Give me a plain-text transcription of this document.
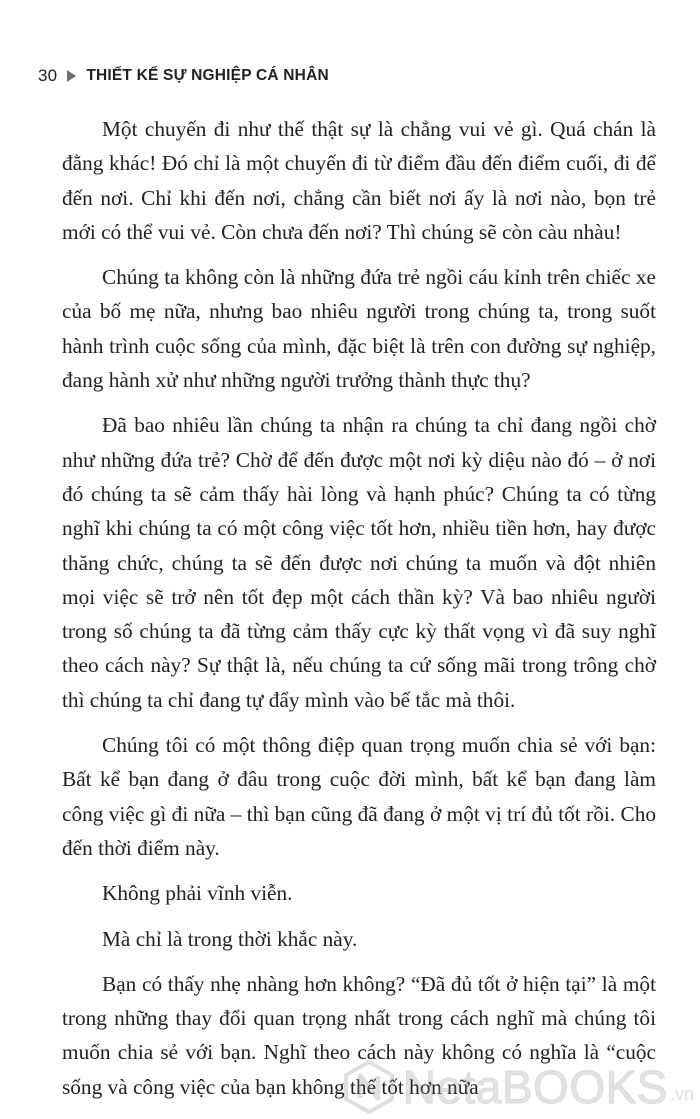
30 THIẾT KẾ SỰ NGHIỆP CÁ NHÂN

Một chuyến đi như thế thật sự là chẳng vui vẻ gì. Quá chán là đằng khác! Đó chỉ là một chuyến đi từ điểm đầu đến điểm cuối, đi để đến nơi. Chỉ khi đến nơi, chẳng cần biết nơi ấy là nơi nào, bọn trẻ mới có thể vui vẻ. Còn chưa đến nơi? Thì chúng sẽ còn càu nhàu!

Chúng ta không còn là những đứa trẻ ngồi cáu kỉnh trên chiếc xe của bố mẹ nữa, nhưng bao nhiêu người trong chúng ta, trong suốt hành trình cuộc sống của mình, đặc biệt là trên con đường sự nghiệp, đang hành xử như những người trưởng thành thực thụ?

Đã bao nhiêu lần chúng ta nhận ra chúng ta chỉ đang ngồi chờ như những đứa trẻ? Chờ để đến được một nơi kỳ diệu nào đó – ở nơi đó chúng ta sẽ cảm thấy hài lòng và hạnh phúc? Chúng ta có từng nghĩ khi chúng ta có một công việc tốt hơn, nhiều tiền hơn, hay được thăng chức, chúng ta sẽ đến được nơi chúng ta muốn và đột nhiên mọi việc sẽ trở nên tốt đẹp một cách thần kỳ? Và bao nhiêu người trong số chúng ta đã từng cảm thấy cực kỳ thất vọng vì đã suy nghĩ theo cách này? Sự thật là, nếu chúng ta cứ sống mãi trong trông chờ thì chúng ta chỉ đang tự đẩy mình vào bế tắc mà thôi.

Chúng tôi có một thông điệp quan trọng muốn chia sẻ với bạn: Bất kể bạn đang ở đâu trong cuộc đời mình, bất kể bạn đang làm công việc gì đi nữa – thì bạn cũng đã đang ở một vị trí đủ tốt rồi. Cho đến thời điểm này.

Không phải vĩnh viễn.

Mà chỉ là trong thời khắc này.

Bạn có thấy nhẹ nhàng hơn không? “Đã đủ tốt ở hiện tại” là một trong những thay đổi quan trọng nhất trong cách nghĩ mà chúng tôi muốn chia sẻ với bạn. Nghĩ theo cách này không có nghĩa là “cuộc sống và công việc của bạn không thể tốt hơn nữa

NetaBOOKS .vn
